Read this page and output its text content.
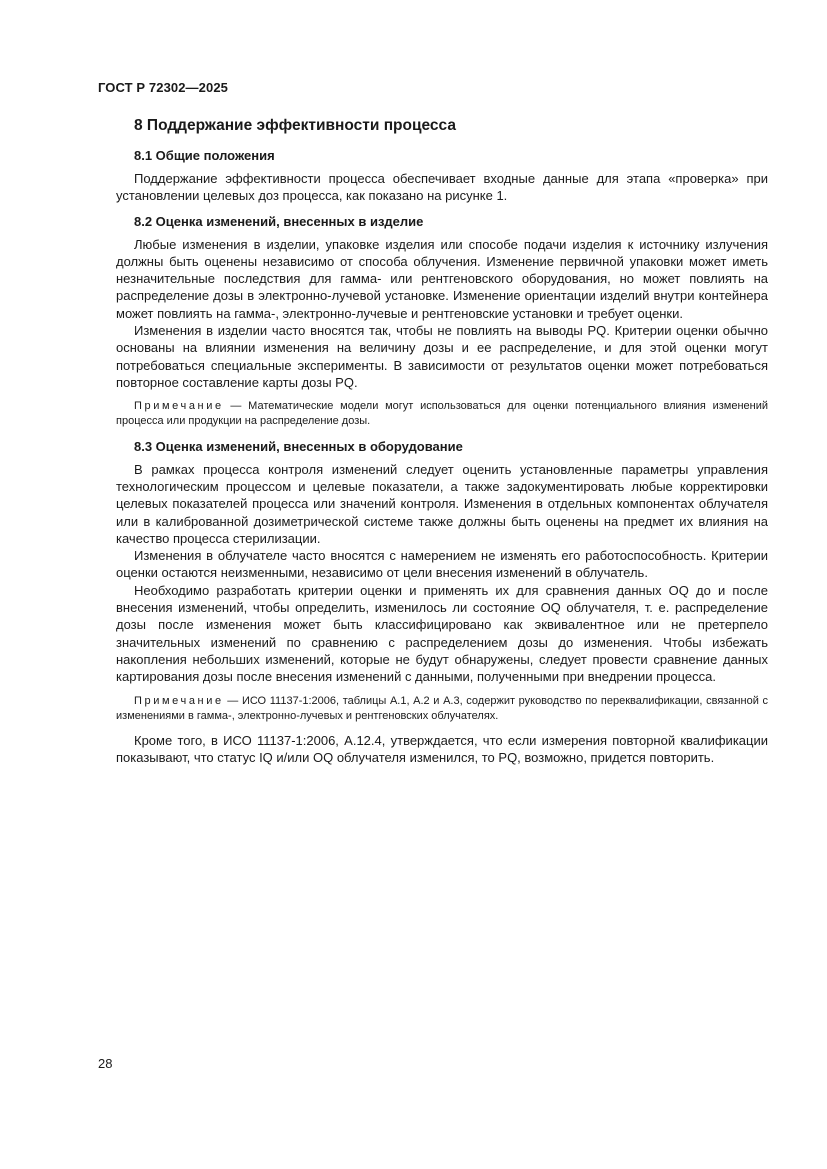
ГОСТ Р 72302—2025
8 Поддержание эффективности процесса
8.1 Общие положения

Поддержание эффективности процесса обеспечивает входные данные для этапа «проверка» при установлении целевых доз процесса, как показано на рисунке 1.

8.2 Оценка изменений, внесенных в изделие

Любые изменения в изделии, упаковке изделия или способе подачи изделия к источнику излучения должны быть оценены независимо от способа облучения. Изменение первичной упаковки может иметь незначительные последствия для гамма- или рентгеновского оборудования, но может повлиять на распределение дозы в электронно-лучевой установке. Изменение ориентации изделий внутри контейнера может повлиять на гамма-, электронно-лучевые и рентгеновские установки и требует оценки.

Изменения в изделии часто вносятся так, чтобы не повлиять на выводы PQ. Критерии оценки обычно основаны на влиянии изменения на величину дозы и ее распределение, и для этой оценки могут потребоваться специальные эксперименты. В зависимости от результатов оценки может потребоваться повторное составление карты дозы PQ.

Примечание — Математические модели могут использоваться для оценки потенциального влияния изменений процесса или продукции на распределение дозы.
8.3 Оценка изменений, внесенных в оборудование

В рамках процесса контроля изменений следует оценить установленные параметры управления технологическим процессом и целевые показатели, а также задокументировать любые корректировки целевых показателей процесса или значений контроля. Изменения в отдельных компонентах облучателя или в калиброванной дозиметрической системе также должны быть оценены на предмет их влияния на качество процесса стерилизации.

Изменения в облучателе часто вносятся с намерением не изменять его работоспособность. Критерии оценки остаются неизменными, независимо от цели внесения изменений в облучатель.

Необходимо разработать критерии оценки и применять их для сравнения данных OQ до и после внесения изменений, чтобы определить, изменилось ли состояние OQ облучателя, т. е. распределение дозы после изменения может быть классифицировано как эквивалентное или не претерпело значительных изменений по сравнению с распределением дозы до изменения. Чтобы избежать накопления небольших изменений, которые не будут обнаружены, следует провести сравнение данных картирования дозы после внесения изменений с данными, полученными при внедрении процесса.

Примечание — ИСО 11137-1:2006, таблицы А.1, А.2 и А.3, содержит руководство по переквалификации, связанной с изменениями в гамма-, электронно-лучевых и рентгеновских облучателях.

Кроме того, в ИСО 11137-1:2006, А.12.4, утверждается, что если измерения повторной квалификации показывают, что статус IQ и/или OQ облучателя изменился, то PQ, возможно, придется повторить.

28
